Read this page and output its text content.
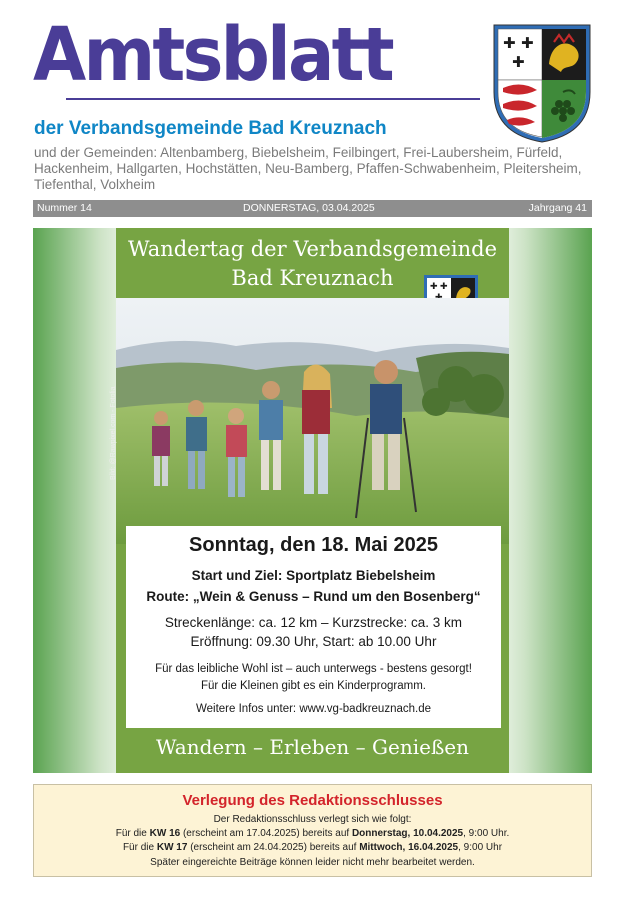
Amtsblatt
der Verbandsgemeinde Bad Kreuznach
und der Gemeinden: Altenbamberg, Biebelsheim, Feilbingert, Frei-Laubersheim, Fürfeld, Hackenheim, Hallgarten, Hochstätten, Neu-Bamberg, Pfaffen-Schwabenheim, Pleitersheim, Tiefenthal, Volxheim
✚ ✚
✚
Nummer 14	DONNERSTAG, 03.04.2025	Jahrgang 41
Wandertag der Verbandsgemeinde
Bad Kreuznach	✚ ✚
Bild: @Rawpixel.com - Fotolia
Sonntag, den 18. Mai 2025
Start und Ziel: Sportplatz Biebelsheim
Route: „Wein & Genuss – Rund um den Bosenberg“
Streckenlänge: ca. 12 km – Kurzstrecke: ca. 3 km
Eröffnung: 09.30 Uhr, Start: ab 10.00 Uhr
Für das leibliche Wohl ist – auch unterwegs - bestens gesorgt!
Für die Kleinen gibt es ein Kinderprogramm.
Weitere Infos unter: www.vg-badkreuznach.de
Wandern – Erleben – Genießen
Verlegung des Redaktionsschlusses
Der Redaktionsschluss verlegt sich wie folgt:
Für die KW 16 (erscheint am 17.04.2025) bereits auf Donnerstag, 10.04.2025, 9:00 Uhr.
Für die KW 17 (erscheint am 24.04.2025) bereits auf Mittwoch, 16.04.2025, 9:00 Uhr
Später eingereichte Beiträge können leider nicht mehr bearbeitet werden.
